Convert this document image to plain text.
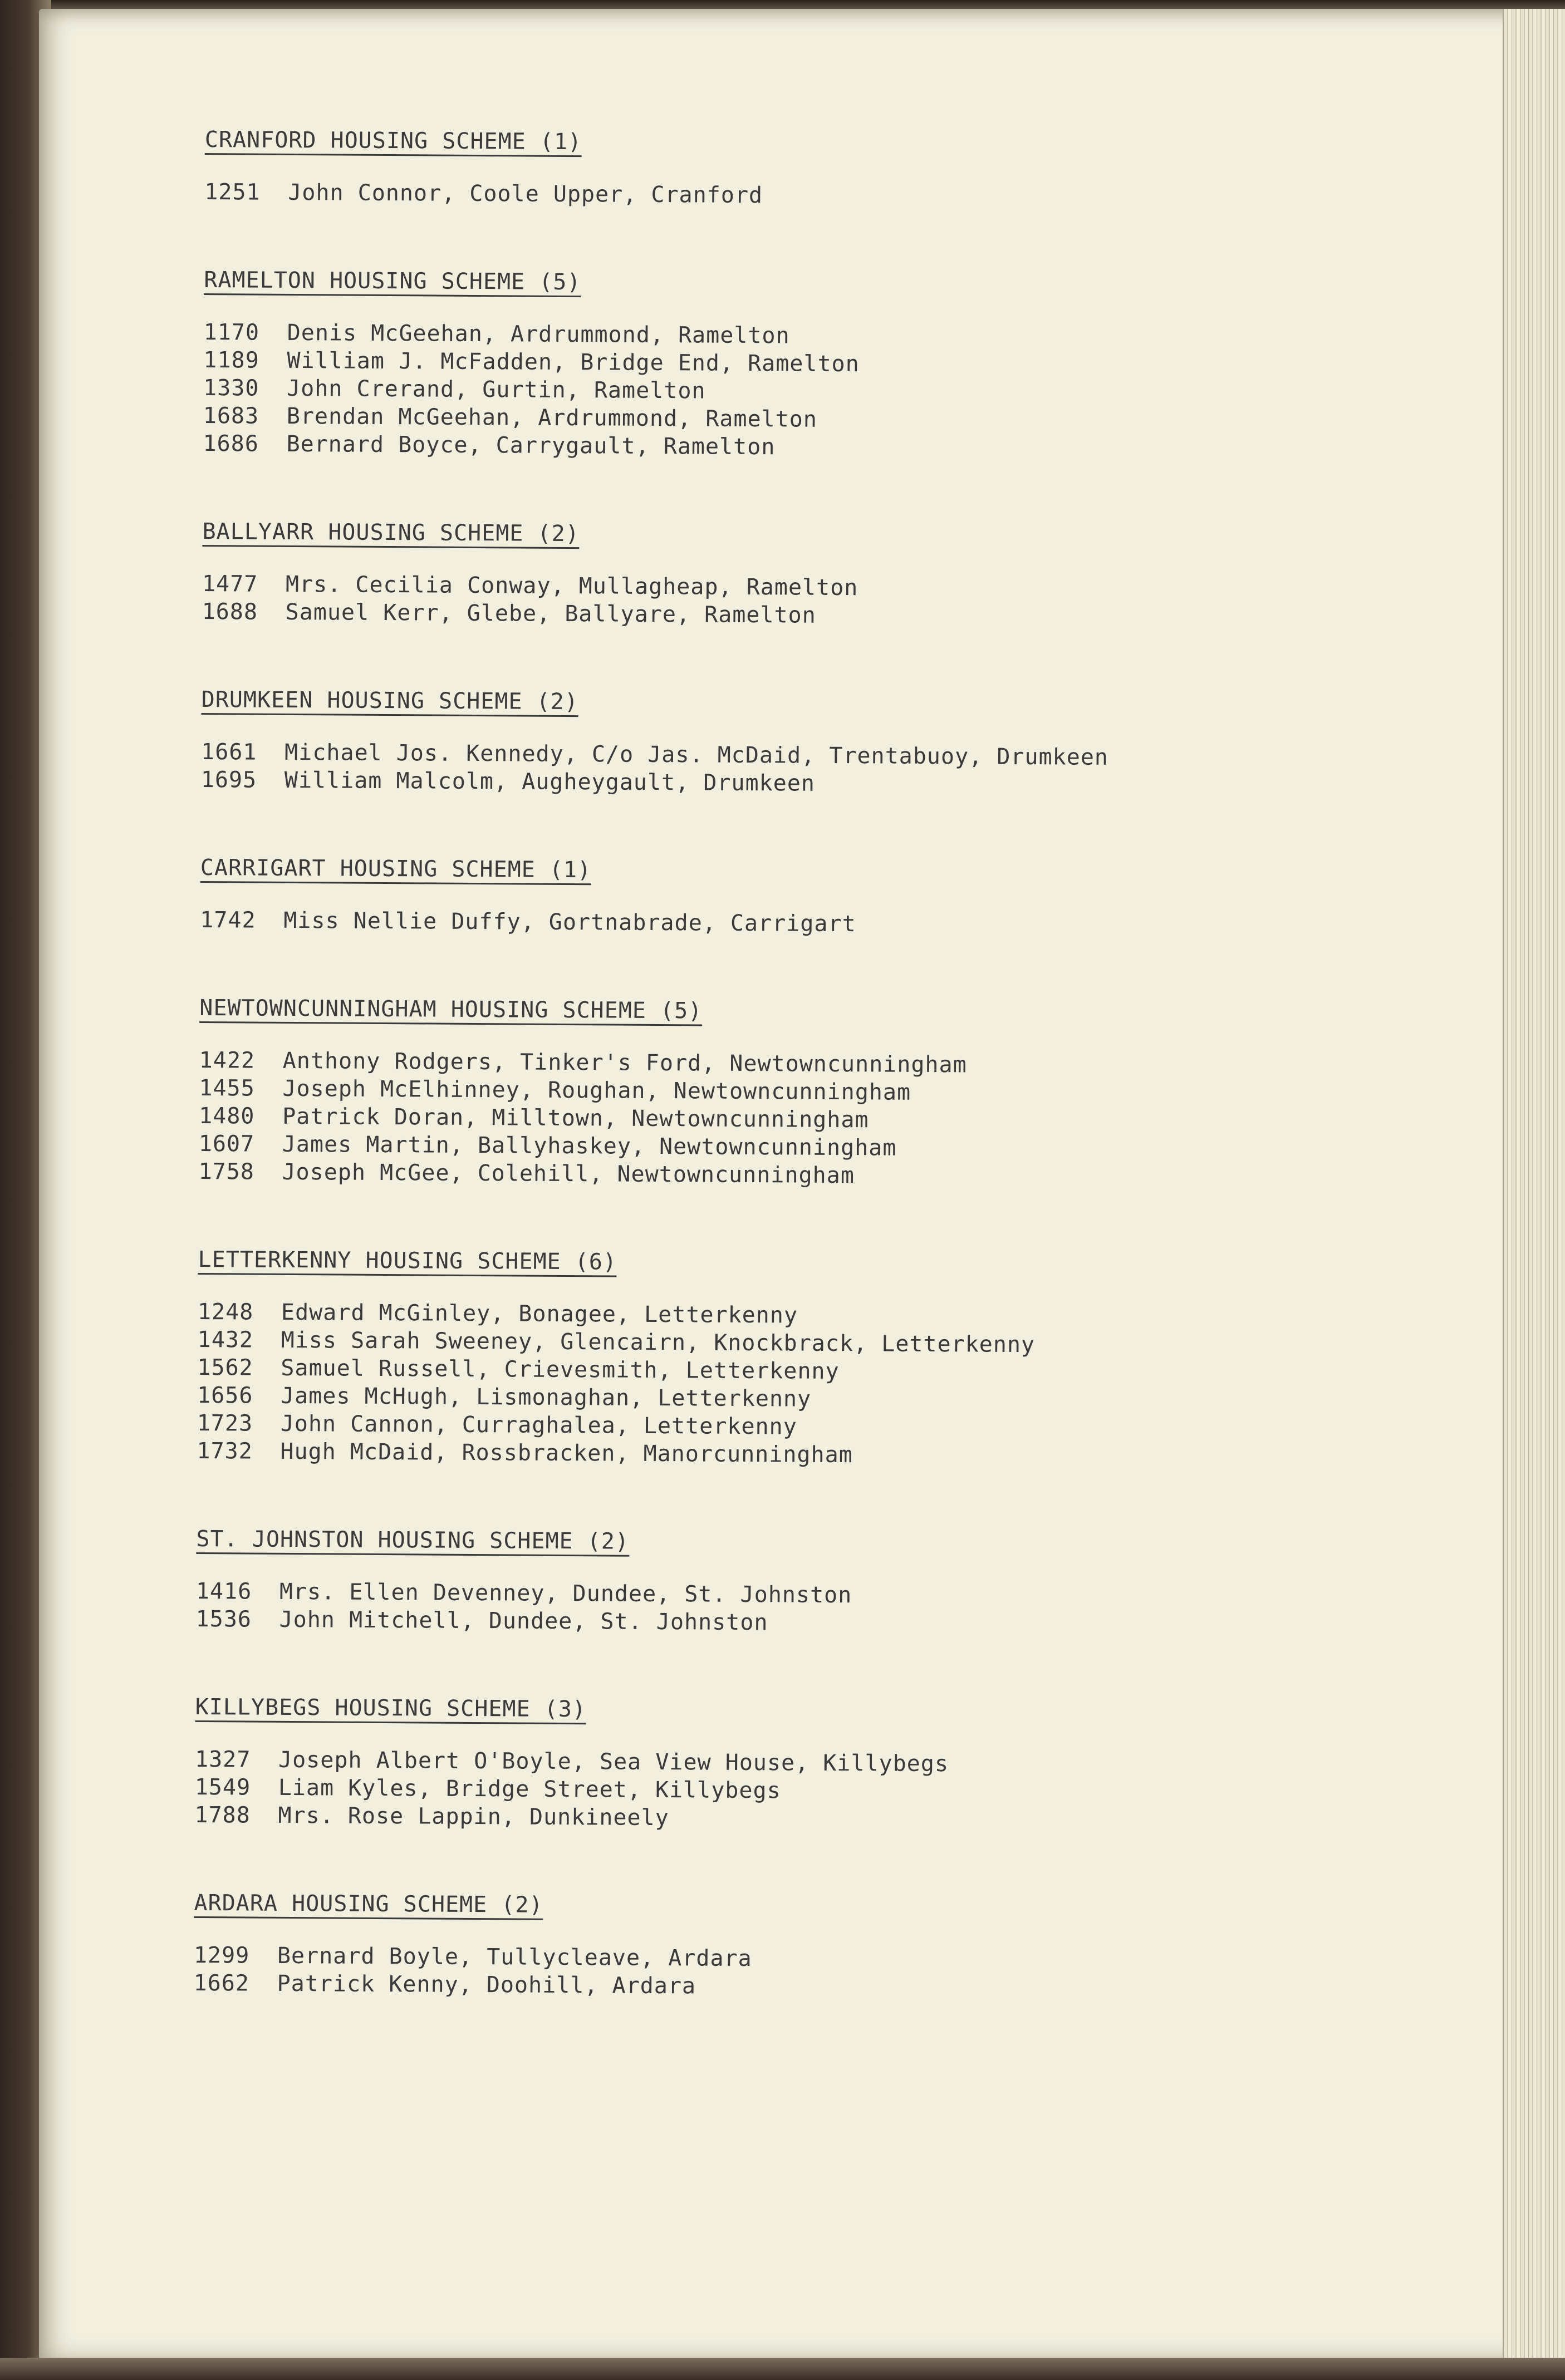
CRANFORD HOUSING SCHEME (1)
1251	John Connor, Coole Upper, Cranford
RAMELTON HOUSING SCHEME (5)
1170	Denis McGeehan, Ardrummond, Ramelton
1189	William J. McFadden, Bridge End, Ramelton
1330	John Crerand, Gurtin, Ramelton
1683	Brendan McGeehan, Ardrummond, Ramelton
1686	Bernard Boyce, Carrygault, Ramelton
BALLYARR HOUSING SCHEME (2)
1477	Mrs. Cecilia Conway, Mullagheap, Ramelton
1688	Samuel Kerr, Glebe, Ballyare, Ramelton
DRUMKEEN HOUSING SCHEME (2)
1661	Michael Jos. Kennedy, C/o Jas. McDaid, Trentabuoy, Drumkeen
1695	William Malcolm, Augheygault, Drumkeen
CARRIGART HOUSING SCHEME (1)
1742	Miss Nellie Duffy, Gortnabrade, Carrigart
NEWTOWNCUNNINGHAM HOUSING SCHEME (5)
1422	Anthony Rodgers, Tinker's Ford, Newtowncunningham
1455	Joseph McElhinney, Roughan, Newtowncunningham
1480	Patrick Doran, Milltown, Newtowncunningham
1607	James Martin, Ballyhaskey, Newtowncunningham
1758	Joseph McGee, Colehill, Newtowncunningham
LETTERKENNY HOUSING SCHEME (6)
1248	Edward McGinley, Bonagee, Letterkenny
1432	Miss Sarah Sweeney, Glencairn, Knockbrack, Letterkenny
1562	Samuel Russell, Crievesmith, Letterkenny
1656	James McHugh, Lismonaghan, Letterkenny
1723	John Cannon, Curraghalea, Letterkenny
1732	Hugh McDaid, Rossbracken, Manorcunningham
ST. JOHNSTON HOUSING SCHEME (2)
1416	Mrs. Ellen Devenney, Dundee, St. Johnston
1536	John Mitchell, Dundee, St. Johnston
KILLYBEGS HOUSING SCHEME (3)
1327	Joseph Albert O'Boyle, Sea View House, Killybegs
1549	Liam Kyles, Bridge Street, Killybegs
1788	Mrs. Rose Lappin, Dunkineely
ARDARA HOUSING SCHEME (2)
1299	Bernard Boyle, Tullycleave, Ardara
1662	Patrick Kenny, Doohill, Ardara
